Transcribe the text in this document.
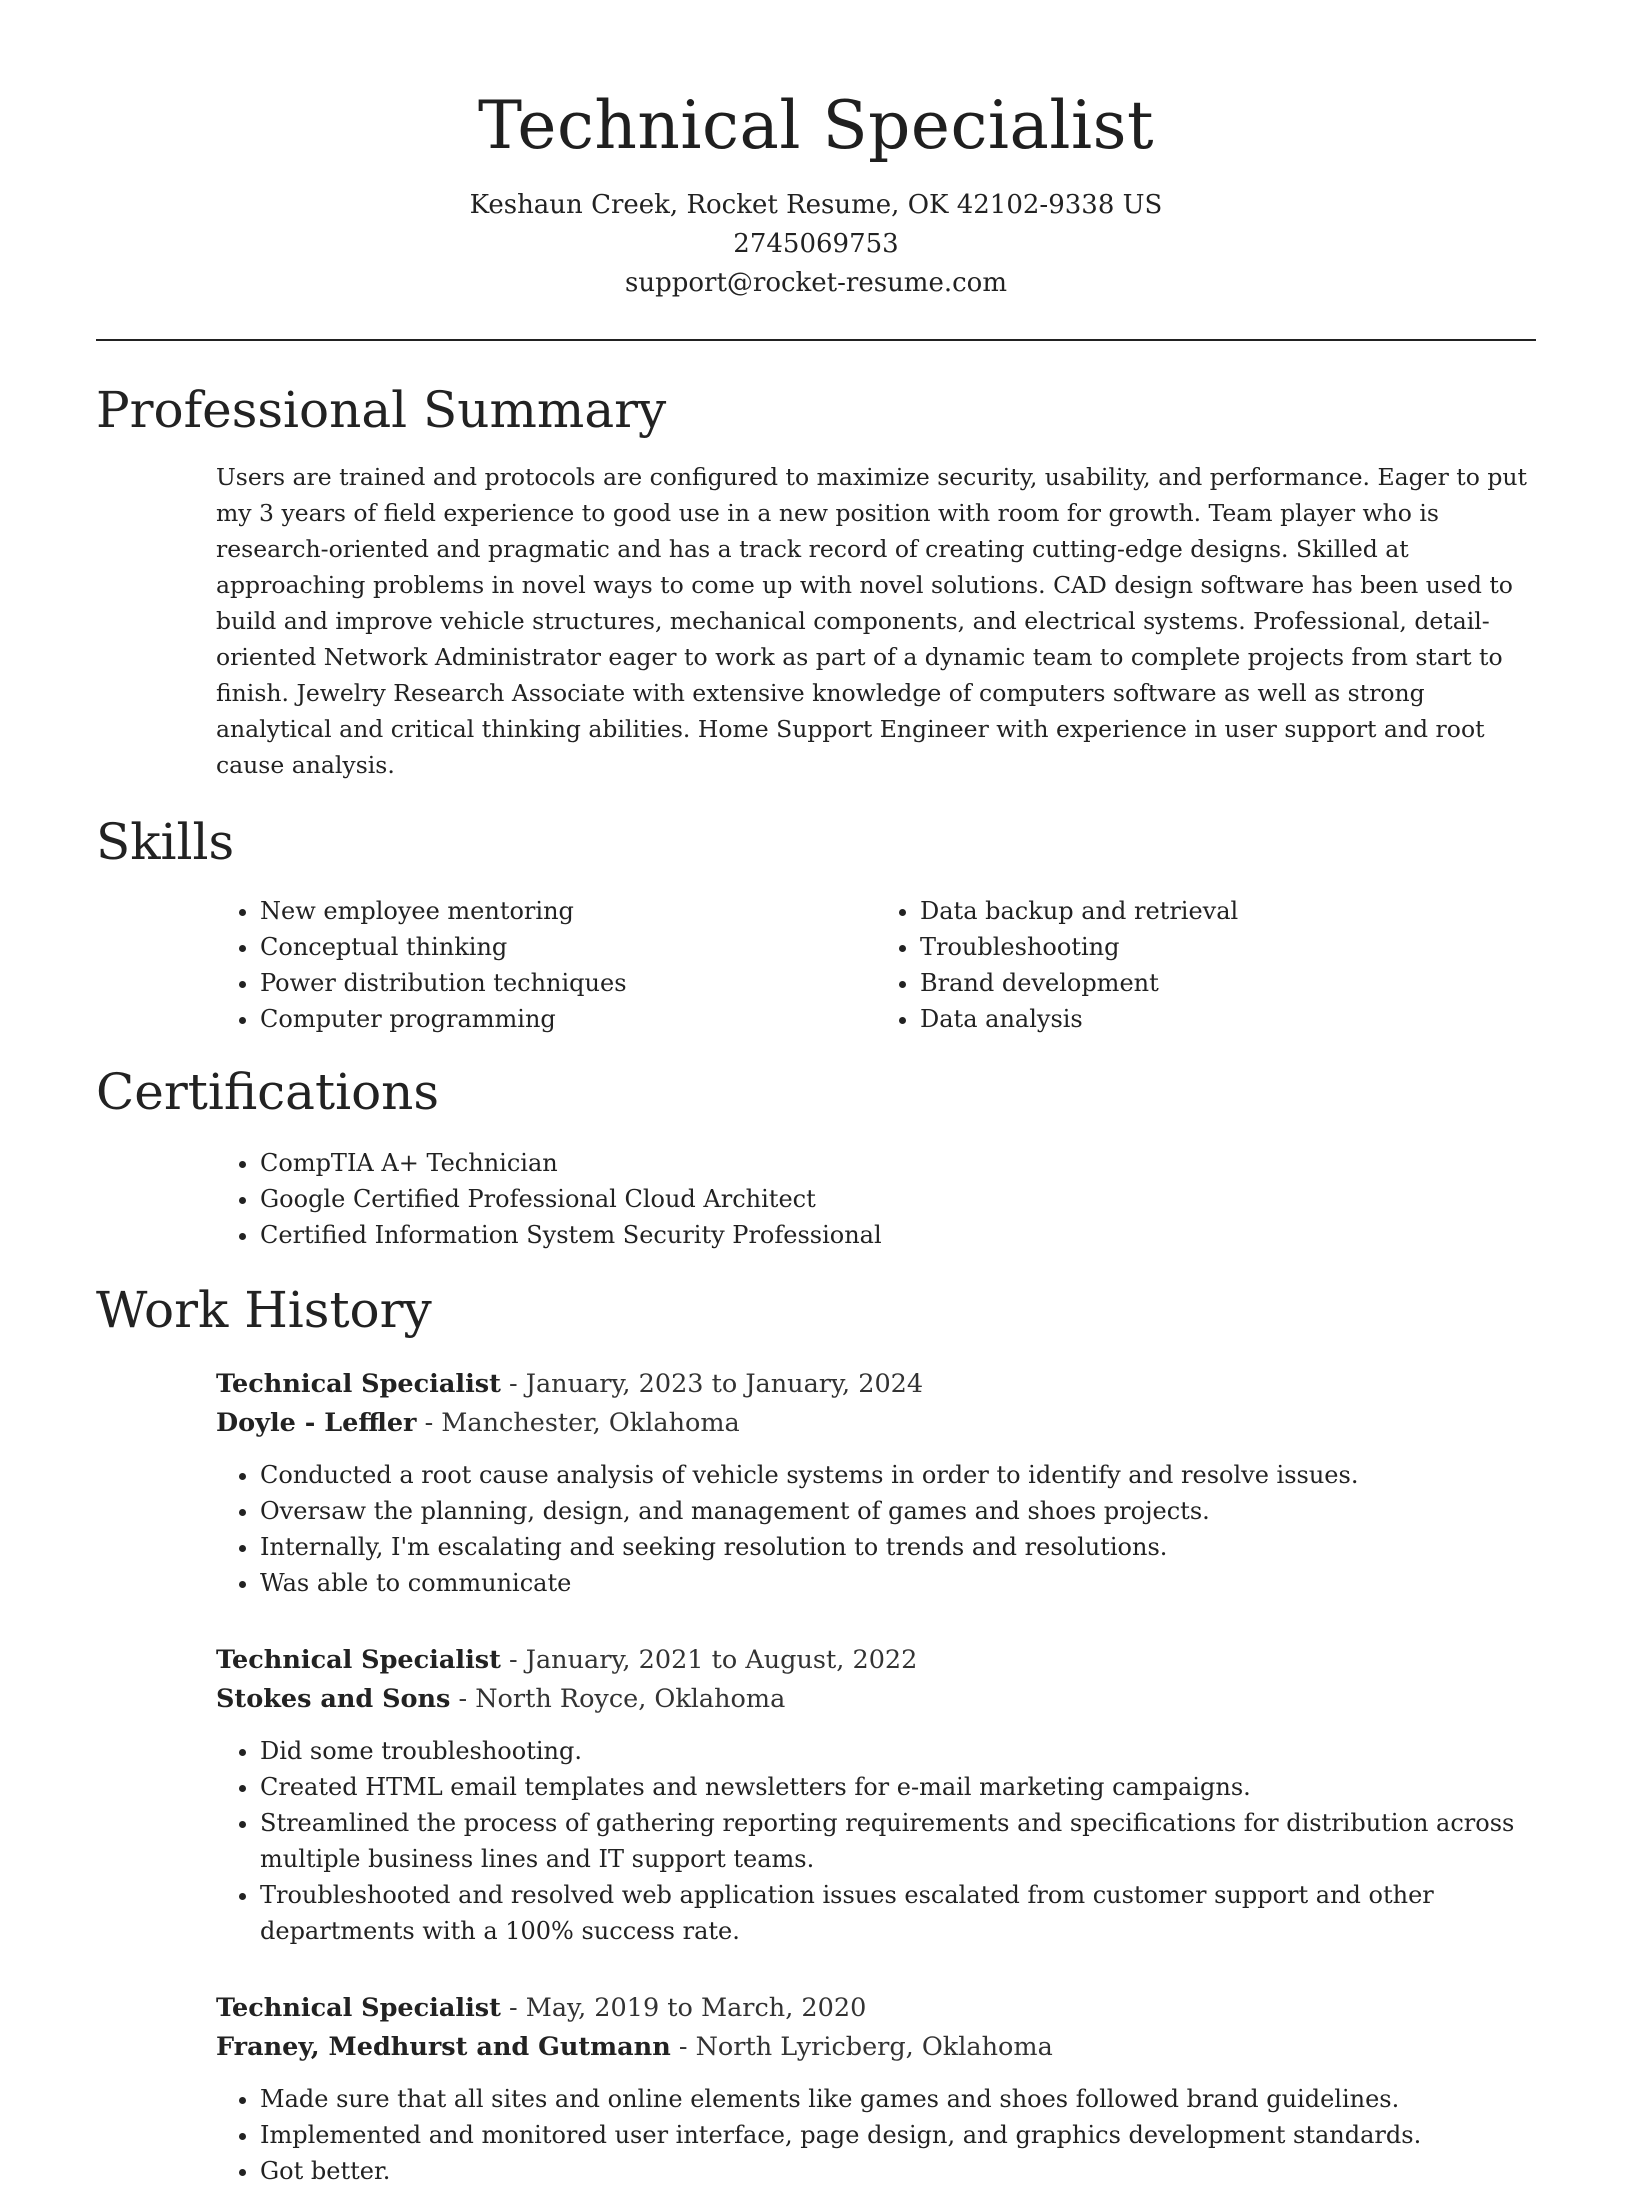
Technical Specialist
Keshaun Creek, Rocket Resume, OK 42102-9338 US
2745069753
support@rocket-resume.com
Professional Summary

Users are trained and protocols are configured to maximize security, usability, and performance. Eager to put my 3 years of field experience to good use in a new position with room for growth. Team player who is research-oriented and pragmatic and has a track record of creating cutting-edge designs. Skilled at approaching problems in novel ways to come up with novel solutions. CAD design software has been used to build and improve vehicle structures, mechanical components, and electrical systems. Professional, detail-oriented Network Administrator eager to work as part of a dynamic team to complete projects from start to finish. Jewelry Research Associate with extensive knowledge of computers software as well as strong analytical and critical thinking abilities. Home Support Engineer with experience in user support and root cause analysis.

Skills
• New employee mentoring
• Conceptual thinking
• Power distribution techniques
• Computer programming
• Data backup and retrieval
• Troubleshooting
• Brand development
• Data analysis
Certifications
• CompTIA A+ Technician
• Google Certified Professional Cloud Architect
• Certified Information System Security Professional
Work History
Technical Specialist - January, 2023 to January, 2024
Doyle - Leffler - Manchester, Oklahoma
• Conducted a root cause analysis of vehicle systems in order to identify and resolve issues.
• Oversaw the planning, design, and management of games and shoes projects.
• Internally, I'm escalating and seeking resolution to trends and resolutions.
• Was able to communicate
Technical Specialist - January, 2021 to August, 2022
Stokes and Sons - North Royce, Oklahoma
• Did some troubleshooting.
• Created HTML email templates and newsletters for e-mail marketing campaigns.
• Streamlined the process of gathering reporting requirements and specifications for distribution across multiple business lines and IT support teams.
• Troubleshooted and resolved web application issues escalated from customer support and other departments with a 100% success rate.
Technical Specialist - May, 2019 to March, 2020
Franey, Medhurst and Gutmann - North Lyricberg, Oklahoma
• Made sure that all sites and online elements like games and shoes followed brand guidelines.
• Implemented and monitored user interface, page design, and graphics development standards.
• Got better.
